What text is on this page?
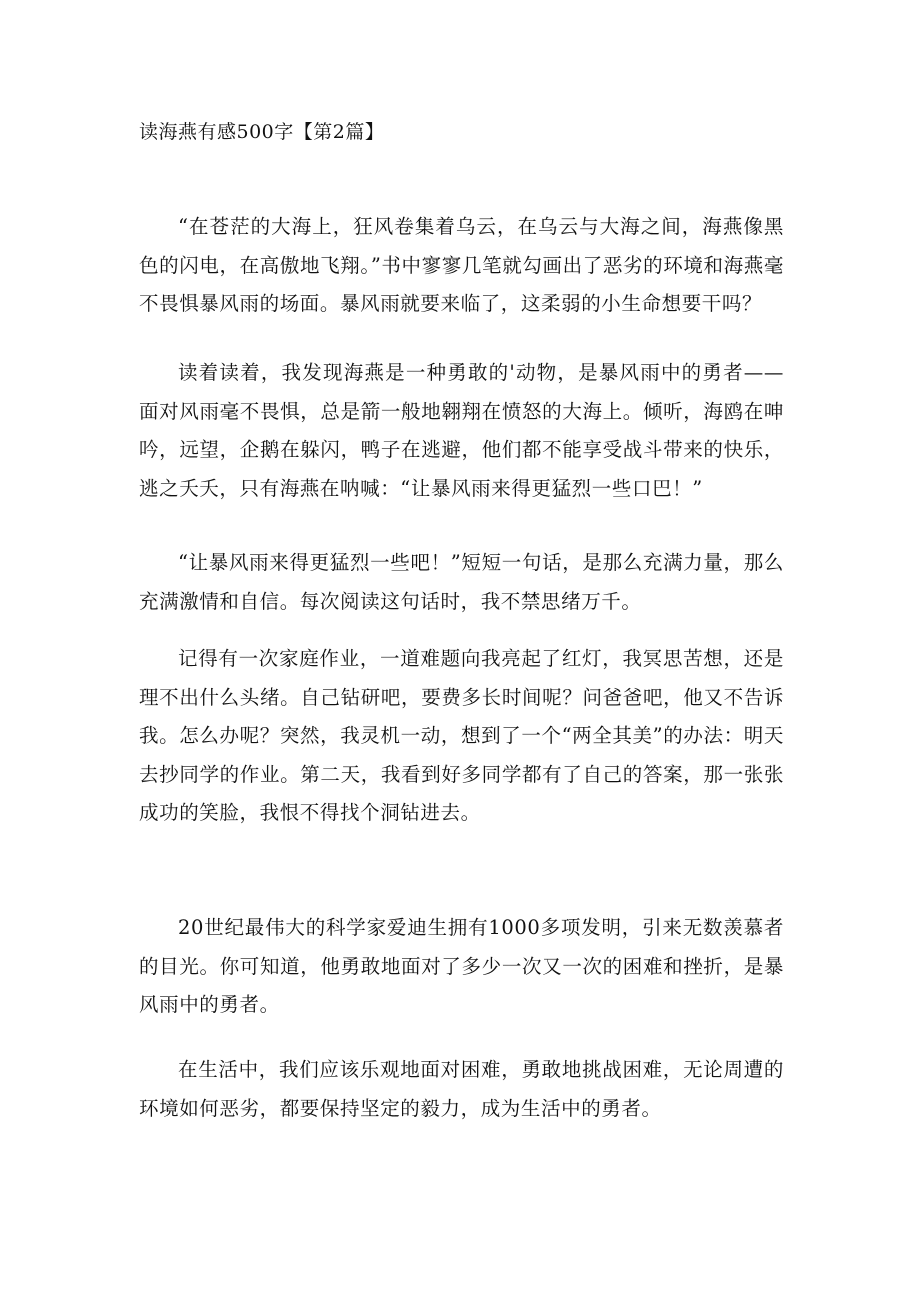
读海燕有感500字【第2篇】

“在苍茫的大海上，狂风卷集着乌云，在乌云与大海之间，海燕像黑色的闪电，在高傲地飞翔。”书中寥寥几笔就勾画出了恶劣的环境和海燕毫不畏惧暴风雨的场面。暴风雨就要来临了，这柔弱的小生命想要干吗？

读着读着，我发现海燕是一种勇敢的'动物，是暴风雨中的勇者——面对风雨毫不畏惧，总是箭一般地翱翔在愤怒的大海上。倾听，海鸥在呻吟，远望，企鹅在躲闪，鸭子在逃避，他们都不能享受战斗带来的快乐，逃之夭夭，只有海燕在呐喊：“让暴风雨来得更猛烈一些口巴！”

“让暴风雨来得更猛烈一些吧！”短短一句话，是那么充满力量，那么充满激情和自信。每次阅读这句话时，我不禁思绪万千。

记得有一次家庭作业，一道难题向我亮起了红灯，我冥思苦想，还是理不出什么头绪。自己钻研吧，要费多长时间呢？问爸爸吧，他又不告诉我。怎么办呢？突然，我灵机一动，想到了一个“两全其美”的办法：明天去抄同学的作业。第二天，我看到好多同学都有了自己的答案，那一张张成功的笑脸，我恨不得找个洞钻进去。

20世纪最伟大的科学家爱迪生拥有1000多项发明，引来无数羡慕者的目光。你可知道，他勇敢地面对了多少一次又一次的困难和挫折，是暴风雨中的勇者。

在生活中，我们应该乐观地面对困难，勇敢地挑战困难，无论周遭的环境如何恶劣，都要保持坚定的毅力，成为生活中的勇者。
